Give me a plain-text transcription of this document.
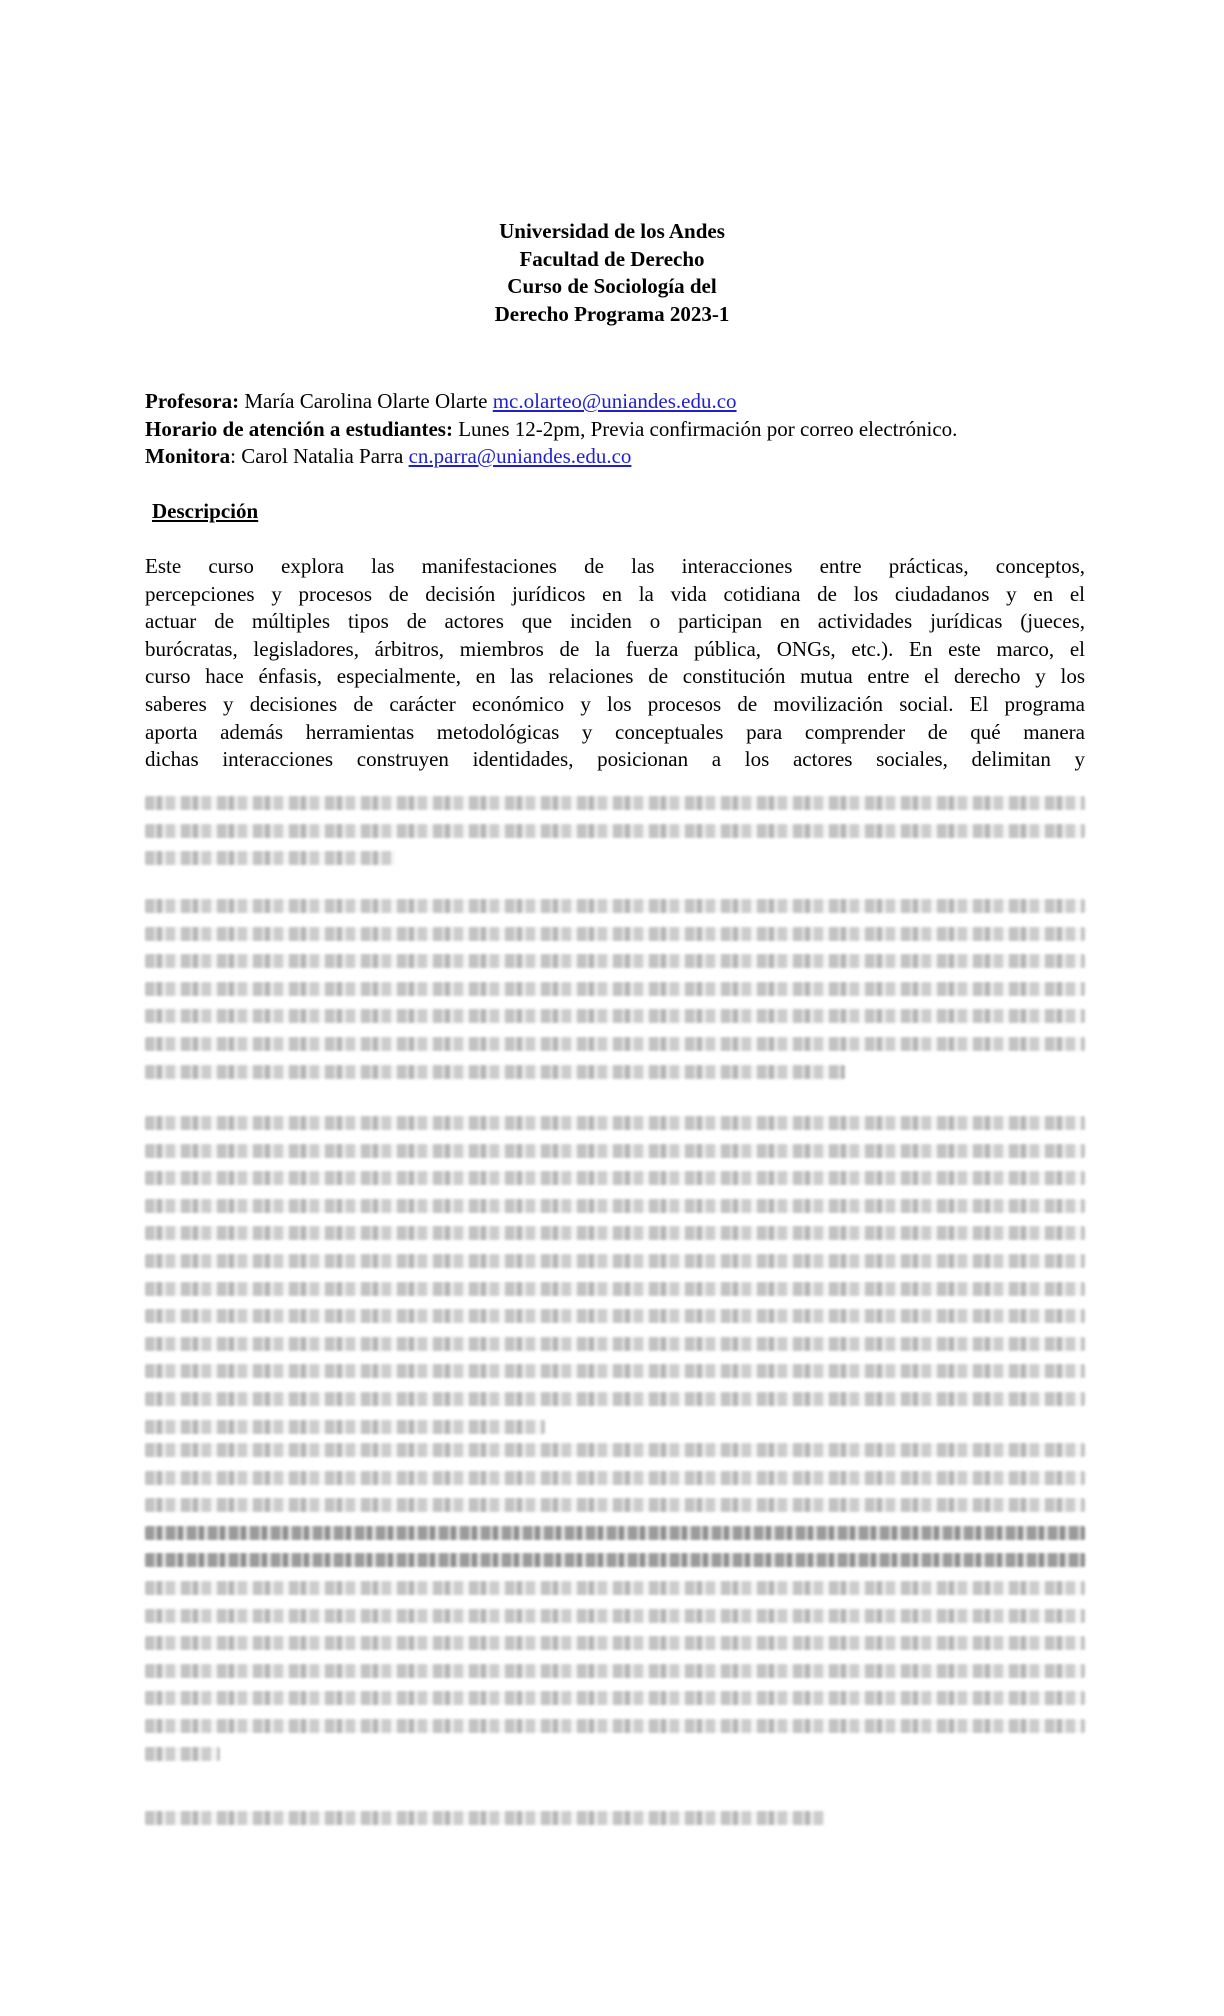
Universidad de los Andes
Facultad de Derecho
Curso de Sociología del
Derecho Programa 2023-1
Profesora: María Carolina Olarte Olarte mc.olarteo@uniandes.edu.co
Horario de atención a estudiantes: Lunes 12-2pm, Previa confirmación por correo electrónico.
Monitora: Carol Natalia Parra cn.parra@uniandes.edu.co
Descripción
Este curso explora las manifestaciones de las interacciones entre prácticas, conceptos,
percepciones y procesos de decisión jurídicos en la vida cotidiana de los ciudadanos y en el
actuar de múltiples tipos de actores que inciden o participan en actividades jurídicas (jueces,
burócratas, legisladores, árbitros, miembros de la fuerza pública, ONGs, etc.). En este marco, el
curso hace énfasis, especialmente, en las relaciones de constitución mutua entre el derecho y los
saberes y decisiones de carácter económico y los procesos de movilización social. El programa
aporta además herramientas metodológicas y conceptuales para comprender de qué manera
dichas interacciones construyen identidades, posicionan a los actores sociales, delimitan y
